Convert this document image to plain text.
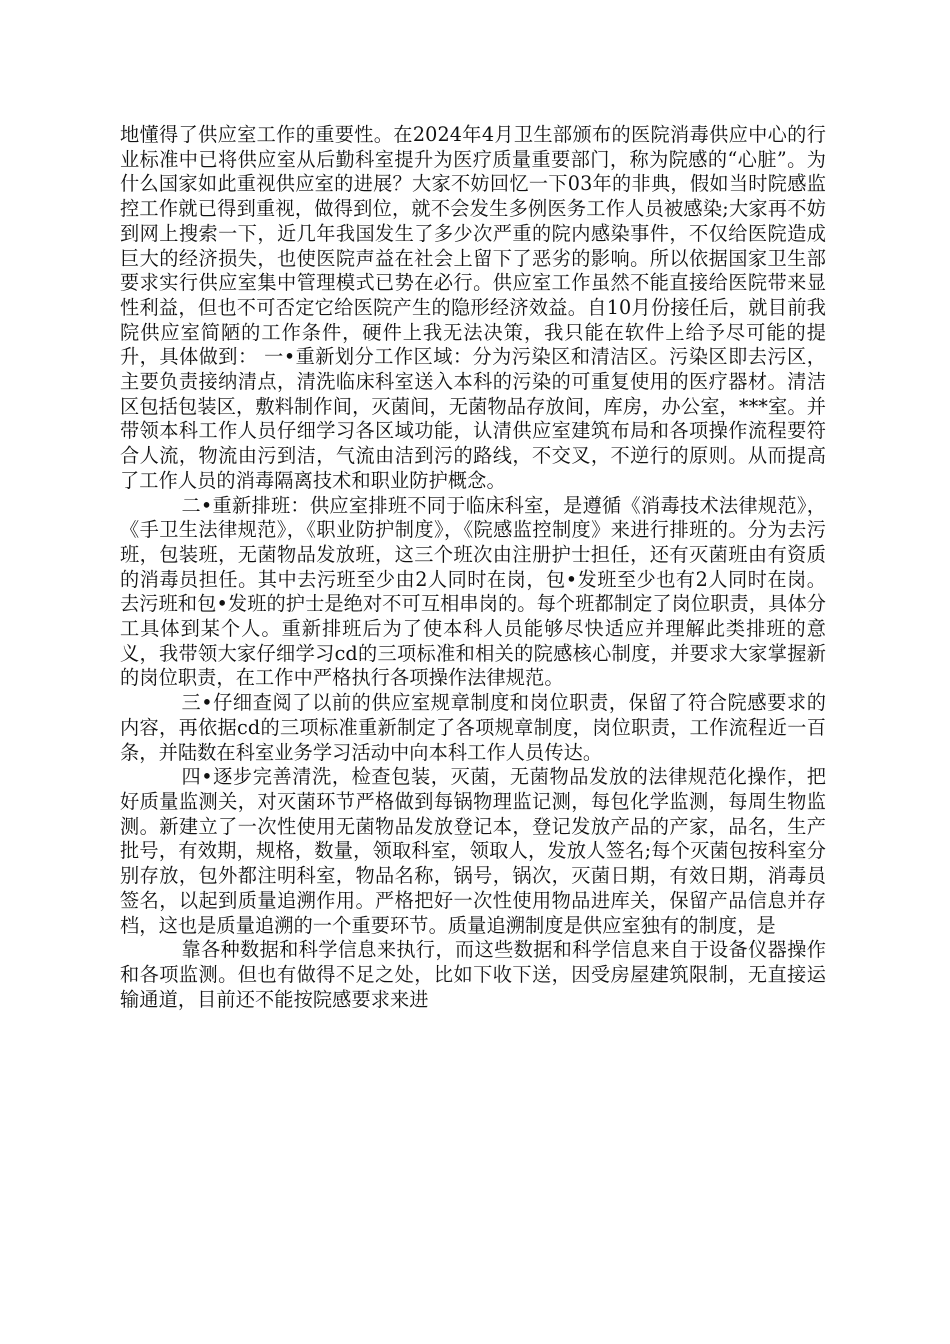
地懂得了供应室工作的重要性。在2024年4月卫生部颁布的医院消毒供应中心的行业标准中已将供应室从后勤科室提升为医疗质量重要部门，称为院感的“心脏”。为什么国家如此重视供应室的进展？大家不妨回忆一下03年的非典，假如当时院感监控工作就已得到重视，做得到位，就不会发生多例医务工作人员被感染;大家再不妨到网上搜索一下，近几年我国发生了多少次严重的院内感染事件，不仅给医院造成巨大的经济损失，也使医院声益在社会上留下了恶劣的影响。所以依据国家卫生部要求实行供应室集中管理模式已势在必行。供应室工作虽然不能直接给医院带来显性利益，但也不可否定它给医院产生的隐形经济效益。自10月份接任后，就目前我院供应室简陋的工作条件，硬件上我无法决策，我只能在软件上给予尽可能的提升，具体做到： 一•重新划分工作区域：分为污染区和清洁区。污染区即去污区，主要负责接纳清点，清洗临床科室送入本科的污染的可重复使用的医疗器材。清洁区包括包装区，敷料制作间，灭菌间，无菌物品存放间，库房，办公室，***室。并带领本科工作人员仔细学习各区域功能，认清供应室建筑布局和各项操作流程要符合人流，物流由污到洁，气流由洁到污的路线，不交叉，不逆行的原则。从而提高了工作人员的消毒隔离技术和职业防护概念。

二•重新排班：供应室排班不同于临床科室，是遵循《消毒技术法律规范》，《手卫生法律规范》，《职业防护制度》，《院感监控制度》来进行排班的。分为去污班，包装班，无菌物品发放班，这三个班次由注册护士担任，还有灭菌班由有资质的消毒员担任。其中去污班至少由2人同时在岗，包•发班至少也有2人同时在岗。去污班和包•发班的护士是绝对不可互相串岗的。每个班都制定了岗位职责，具体分工具体到某个人。重新排班后为了使本科人员能够尽快适应并理解此类排班的意义，我带领大家仔细学习cd的三项标准和相关的院感核心制度，并要求大家掌握新的岗位职责，在工作中严格执行各项操作法律规范。

三•仔细查阅了以前的供应室规章制度和岗位职责，保留了符合院感要求的内容，再依据cd的三项标准重新制定了各项规章制度，岗位职责，工作流程近一百条，并陆数在科室业务学习活动中向本科工作人员传达。

四•逐步完善清洗，检查包装，灭菌，无菌物品发放的法律规范化操作，把好质量监测关，对灭菌环节严格做到每锅物理监记测，每包化学监测，每周生物监测。新建立了一次性使用无菌物品发放登记本，登记发放产品的产家，品名，生产批号，有效期，规格，数量，领取科室，领取人，发放人签名;每个灭菌包按科室分别存放，包外都注明科室，物品名称，锅号，锅次，灭菌日期，有效日期，消毒员签名，以起到质量追溯作用。严格把好一次性使用物品进库关，保留产品信息并存档，这也是质量追溯的一个重要环节。质量追溯制度是供应室独有的制度，是

靠各种数据和科学信息来执行，而这些数据和科学信息来自于设备仪器操作和各项监测。但也有做得不足之处，比如下收下送，因受房屋建筑限制，无直接运输通道，目前还不能按院感要求来进
